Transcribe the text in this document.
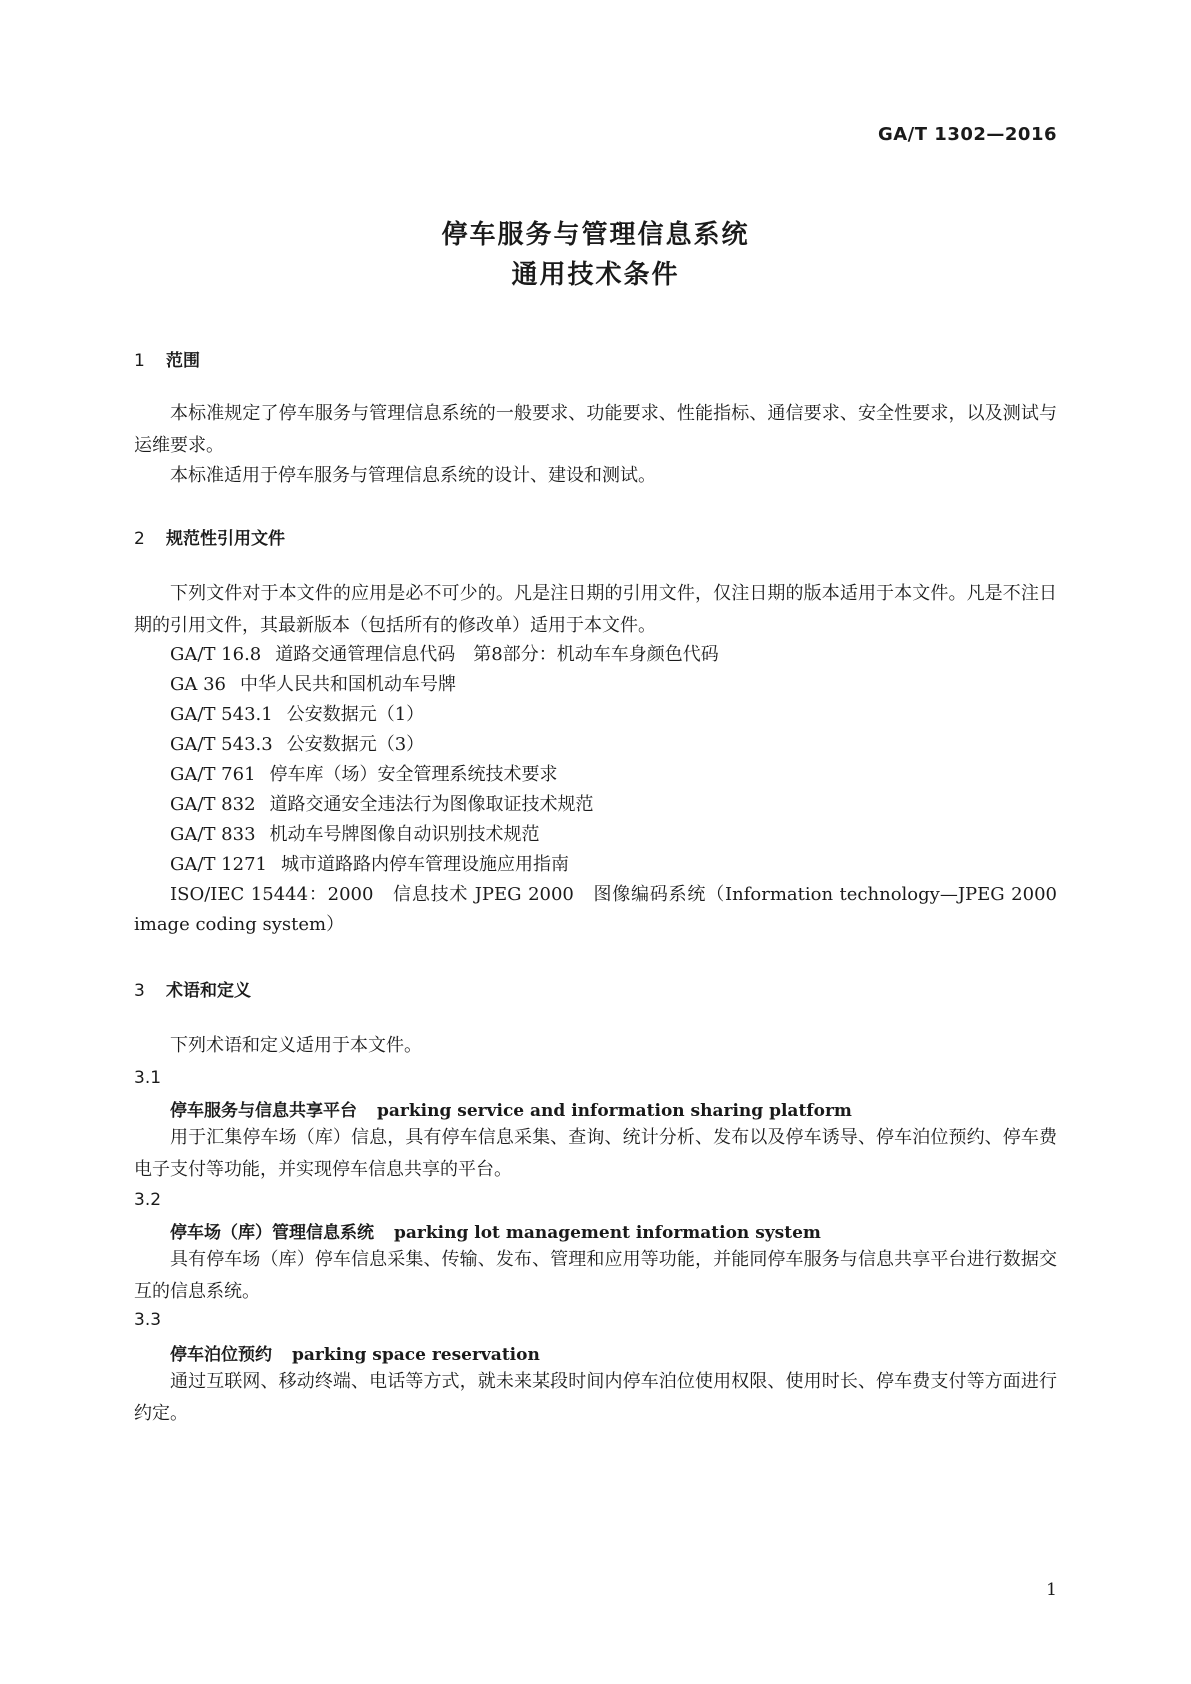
GA/T 1302—2016
停车服务与管理信息系统
通用技术条件
1 范围
本标准规定了停车服务与管理信息系统的一般要求、功能要求、性能指标、通信要求、安全性要求，以及测试与运维要求。
本标准适用于停车服务与管理信息系统的设计、建设和测试。
2 规范性引用文件
下列文件对于本文件的应用是必不可少的。凡是注日期的引用文件，仅注日期的版本适用于本文件。凡是不注日期的引用文件，其最新版本（包括所有的修改单）适用于本文件。
GA/T 16.8 道路交通管理信息代码　第8部分：机动车车身颜色代码
GA 36 中华人民共和国机动车号牌
GA/T 543.1 公安数据元（1）
GA/T 543.3 公安数据元（3）
GA/T 761 停车库（场）安全管理系统技术要求
GA/T 832 道路交通安全违法行为图像取证技术规范
GA/T 833 机动车号牌图像自动识别技术规范
GA/T 1271 城市道路路内停车管理设施应用指南
ISO/IEC 15444：2000　信息技术 JPEG 2000　图像编码系统（Information technology—JPEG 2000 image coding system）
3 术语和定义
下列术语和定义适用于本文件。
3.1
停车服务与信息共享平台 parking service and information sharing platform
用于汇集停车场（库）信息，具有停车信息采集、查询、统计分析、发布以及停车诱导、停车泊位预约、停车费电子支付等功能，并实现停车信息共享的平台。
3.2
停车场（库）管理信息系统 parking lot management information system
具有停车场（库）停车信息采集、传输、发布、管理和应用等功能，并能同停车服务与信息共享平台进行数据交互的信息系统。
3.3
停车泊位预约 parking space reservation
通过互联网、移动终端、电话等方式，就未来某段时间内停车泊位使用权限、使用时长、停车费支付等方面进行约定。
1
